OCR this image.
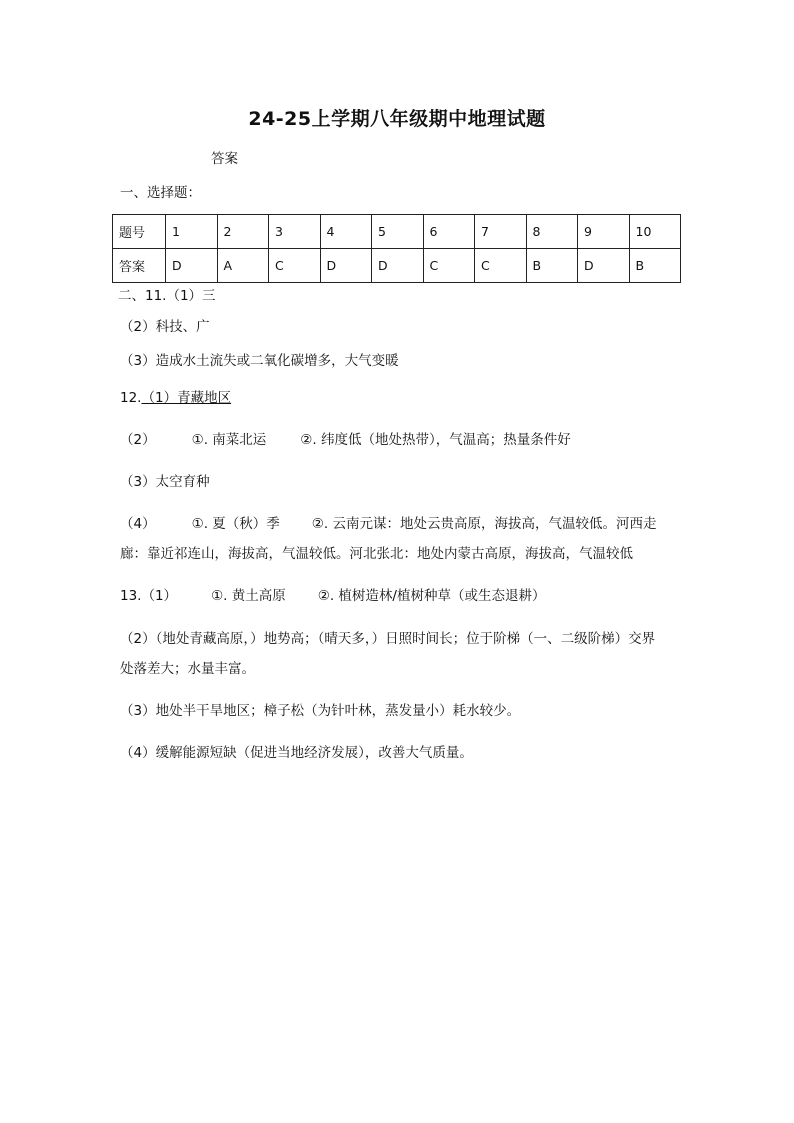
24-25上学期八年级期中地理试题
答案
一、选择题：
题号	1	2	3	4	5	6	7	8	9	10
答案	D	A	C	D	D	C	C	B	D	B
二、11.（1）三
（2）科技、广
（3）造成水土流失或二氧化碳增多，大气变暖
12.（1）青藏地区
（2）	①. 南菜北运	②. 纬度低（地处热带），气温高；热量条件好
（3）太空育种
（4）	①. 夏（秋）季 ②. 云南元谋：地处云贵高原，海拔高，气温较低。河西走
廊：靠近祁连山，海拔高，气温较低。河北张北：地处内蒙古高原，海拔高，气温较低
13.（1）	①. 黄土高原 ②. 植树造林/植树种草（或生态退耕）
（2）（地处青藏高原，）地势高；（晴天多，）日照时间长；位于阶梯（一、二级阶梯）交界
处落差大；水量丰富。
（3）地处半干旱地区；樟子松（为针叶林，蒸发量小）耗水较少。
（4）缓解能源短缺（促进当地经济发展），改善大气质量。
